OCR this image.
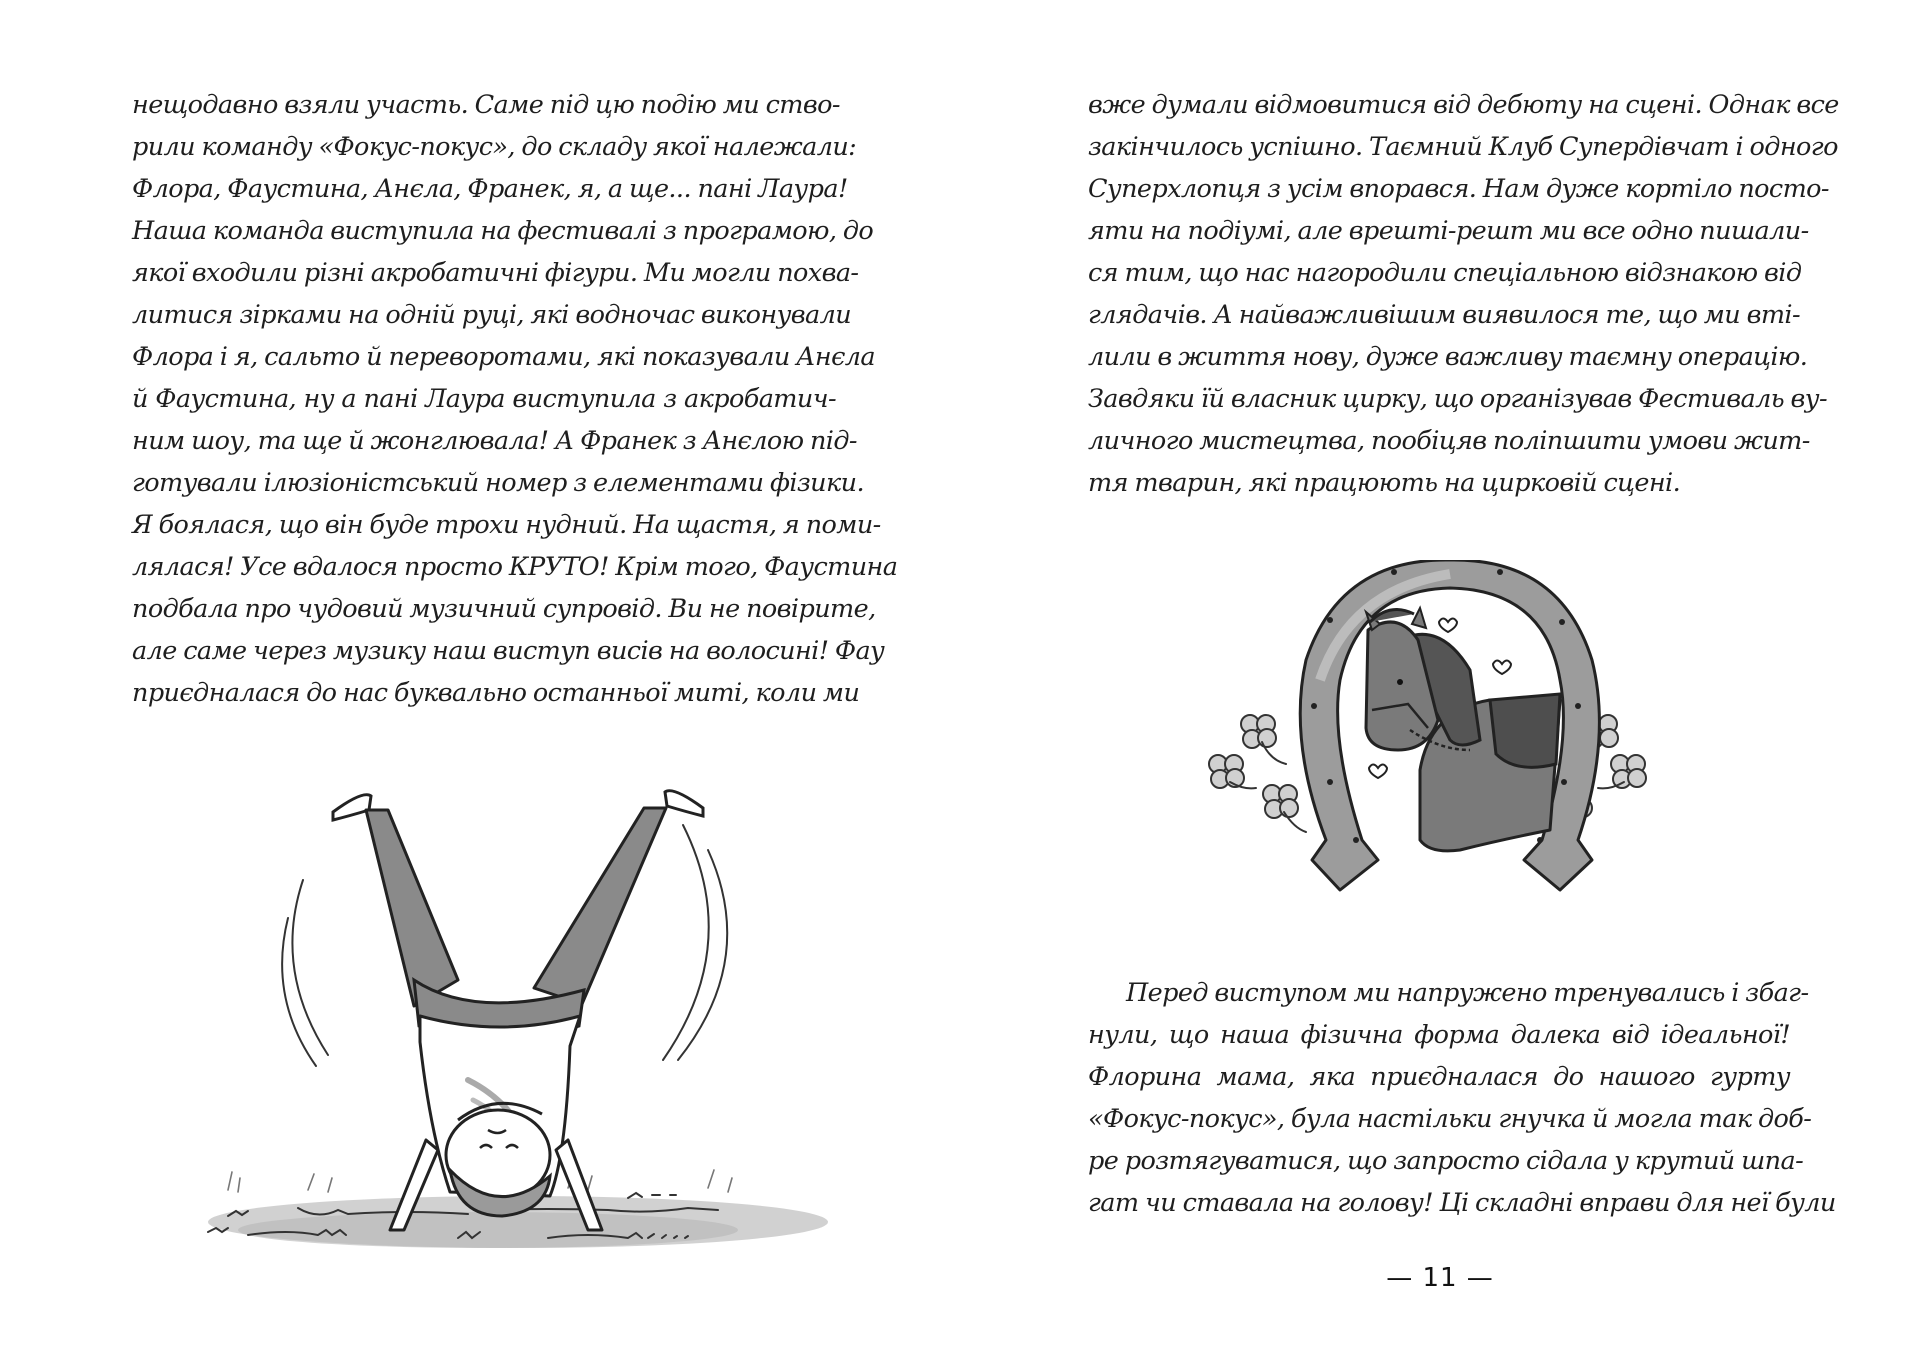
нещодавно взяли участь. Саме під цю подію ми ство-
рили команду «Фокус-покус», до складу якої належали:
Флора, Фаустина, Анєла, Франек, я, а ще... пані Лаура!
Наша команда виступила на фестивалі з програмою, до
якої входили різні акробатичні фігури. Ми могли похва-
литися зірками на одній руці, які водночас виконували
Флора і я, сальто й переворотами, які показували Анєла
й Фаустина, ну а пані Лаура виступила з акробатич-
ним шоу, та ще й жонглювала! А Франек з Анєлою під-
готували ілюзіоністський номер з елементами фізики.
Я боялася, що він буде трохи нудний. На щастя, я поми-
лялася! Усе вдалося просто КРУТО! Крім того, Фаустина
подбала про чудовий музичний супровід. Ви не повірите,
але саме через музику наш виступ висів на волосині! Фау
приєдналася до нас буквально останньої миті, коли ми
вже думали відмовитися від дебюту на сцені. Однак все
закінчилось успішно. Таємний Клуб Супердівчат і одного
Суперхлопця з усім впорався. Нам дуже кортіло посто-
яти на подіумі, але врешті-решт ми все одно пишали-
ся тим, що нас нагородили спеціальною відзнакою від
глядачів. А найважливішим виявилося те, що ми вті-
лили в життя нову, дуже важливу таємну операцію.
Завдяки їй власник цирку, що організував Фестиваль ву-
личного мистецтва, пообіцяв поліпшити умови жит-
тя тварин, які працюють на цирковій сцені.
Перед виступом ми напружено тренувались і збаг-
нули, що наша фізична форма далека від ідеальної!
Флорина мама, яка приєдналася до нашого гурту
«Фокус-покус», була настільки гнучка й могла так доб-
ре розтягуватися, що запросто сідала у крутий шпа-
гат чи ставала на голову! Ці складні вправи для неї були
— 11 —
